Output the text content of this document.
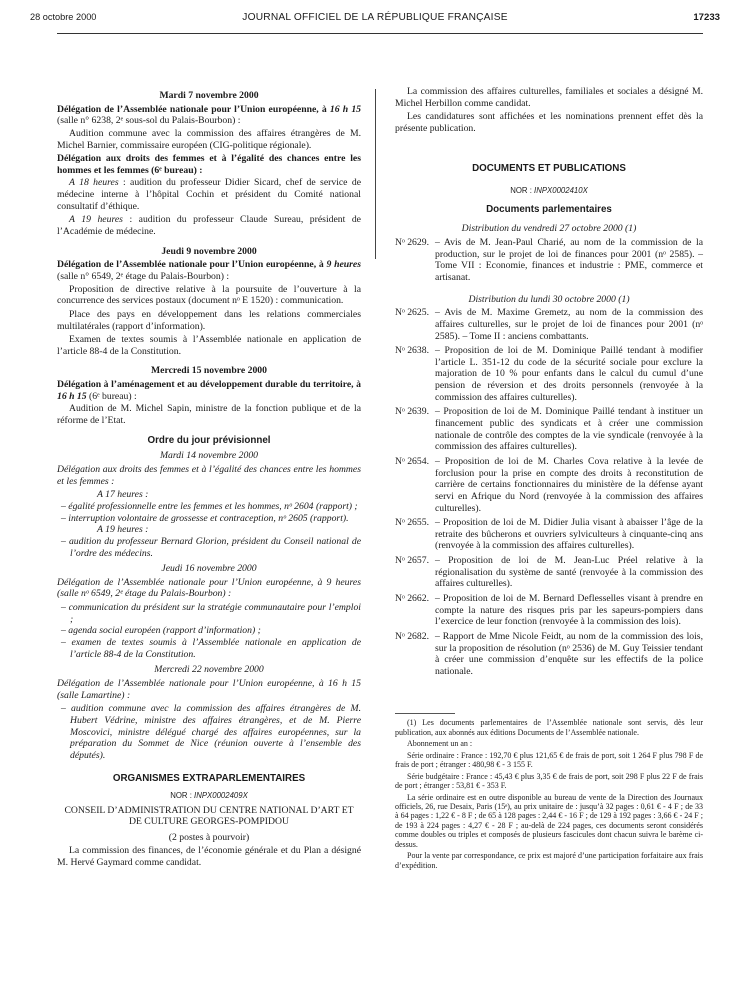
28 octobre 2000	JOURNAL OFFICIEL DE LA RÉPUBLIQUE FRANÇAISE	17233

Mardi 7 novembre 2000

Délégation de l’Assemblée nationale pour l’Union européenne, à 16 h 15 (salle n° 6238, 2ᵉ sous-sol du Palais-Bourbon) :

Audition commune avec la commission des affaires étrangères de M. Michel Barnier, commissaire européen (CIG-politique régionale).

Délégation aux droits des femmes et à l’égalité des chances entre les hommes et les femmes (6ᵉ bureau) :

A 18 heures : audition du professeur Didier Sicard, chef de service de médecine interne à l’hôpital Cochin et président du Comité national consultatif d’éthique.

A 19 heures : audition du professeur Claude Sureau, président de l’Académie de médecine.

Jeudi 9 novembre 2000

Délégation de l’Assemblée nationale pour l’Union européenne, à 9 heures (salle n° 6549, 2ᵉ étage du Palais-Bourbon) :

Proposition de directive relative à la poursuite de l’ouverture à la concurrence des services postaux (document nᵒ E 1520) : communication.

Place des pays en développement dans les relations commerciales multilatérales (rapport d’information).

Examen de textes soumis à l’Assemblée nationale en application de l’article 88-4 de la Constitution.

Mercredi 15 novembre 2000

Délégation à l’aménagement et au développement durable du territoire, à 16 h 15 (6ᵉ bureau) :

Audition de M. Michel Sapin, ministre de la fonction publique et de la réforme de l’Etat.

Ordre du jour prévisionnel

Mardi 14 novembre 2000

Délégation aux droits des femmes et à l’égalité des chances entre les hommes et les femmes :

A 17 heures :

– égalité professionnelle entre les femmes et les hommes, nᵒ 2604 (rapport) ;

– interruption volontaire de grossesse et contraception, nᵒ 2605 (rapport).

A 19 heures :

– audition du professeur Bernard Glorion, président du Conseil national de l’ordre des médecins.

Jeudi 16 novembre 2000

Délégation de l’Assemblée nationale pour l’Union européenne, à 9 heures (salle nᵒ 6549, 2ᵉ étage du Palais-Bourbon) :

– communication du président sur la stratégie communautaire pour l’emploi ;

– agenda social européen (rapport d’information) ;

– examen de textes soumis à l’Assemblée nationale en application de l’article 88-4 de la Constitution.

Mercredi 22 novembre 2000

Délégation de l’Assemblée nationale pour l’Union européenne, à 16 h 15 (salle Lamartine) :

– audition commune avec la commission des affaires étrangères de M. Hubert Védrine, ministre des affaires étrangères, et de M. Pierre Moscovici, ministre délégué chargé des affaires européennes, sur la préparation du Sommet de Nice (réunion ouverte à l’ensemble des députés).

ORGANISMES EXTRAPARLEMENTAIRES

NOR : INPX0002409X

CONSEIL D’ADMINISTRATION DU CENTRE NATIONAL D’ART ET DE CULTURE GEORGES-POMPIDOU

(2 postes à pourvoir)

La commission des finances, de l’économie générale et du Plan a désigné M. Hervé Gaymard comme candidat.

La commission des affaires culturelles, familiales et sociales a désigné M. Michel Herbillon comme candidat.

Les candidatures sont affichées et les nominations prennent effet dès la présente publication.

DOCUMENTS ET PUBLICATIONS

NOR : INPX0002410X

Documents parlementaires

Distribution du vendredi 27 octobre 2000 (1)

Nᵒ 2629. – Avis de M. Jean-Paul Charié, au nom de la commission de la production, sur le projet de loi de finances pour 2001 (nᵒ 2585). – Tome VII : Economie, finances et industrie : PME, commerce et artisanat.

Distribution du lundi 30 octobre 2000 (1)

Nᵒ 2625. – Avis de M. Maxime Gremetz, au nom de la commission des affaires culturelles, sur le projet de loi de finances pour 2001 (nᵒ 2585). – Tome II : anciens combattants.
Nᵒ 2638. – Proposition de loi de M. Dominique Paillé tendant à modifier l’article L. 351-12 du code de la sécurité sociale pour exclure la majoration de 10 % pour enfants dans le calcul du cumul d’une pension de réversion et des droits personnels (renvoyée à la commission des affaires culturelles).
Nᵒ 2639. – Proposition de loi de M. Dominique Paillé tendant à instituer un financement public des syndicats et à créer une commission nationale de contrôle des comptes de la vie syndicale (renvoyée à la commission des affaires culturelles).
Nᵒ 2654. – Proposition de loi de M. Charles Cova relative à la levée de forclusion pour la prise en compte des droits à reconstitution de carrière de certains fonctionnaires du ministère de la défense ayant servi en Afrique du Nord (renvoyée à la commission des affaires culturelles).
Nᵒ 2655. – Proposition de loi de M. Didier Julia visant à abaisser l’âge de la retraite des bûcherons et ouvriers sylviculteurs à cinquante-cinq ans (renvoyée à la commission des affaires culturelles).
Nᵒ 2657. – Proposition de loi de M. Jean-Luc Préel relative à la régionalisation du système de santé (renvoyée à la commission des affaires culturelles).
Nᵒ 2662. – Proposition de loi de M. Bernard Deflesselles visant à prendre en compte la nature des risques pris par les sapeurs-pompiers dans l’exercice de leur fonction (renvoyée à la commission des lois).
Nᵒ 2682. – Rapport de Mme Nicole Feidt, au nom de la commission des lois, sur la proposition de résolution (nᵒ 2536) de M. Guy Teissier tendant à créer une commission d’enquête sur les effectifs de la police nationale.

(1) Les documents parlementaires de l’Assemblée nationale sont servis, dès leur publication, aux abonnés aux éditions Documents de l’Assemblée nationale.

Abonnement un an :

Série ordinaire : France : 192,70 € plus 121,65 € de frais de port, soit 1 264 F plus 798 F de frais de port ; étranger : 480,98 € - 3 155 F.

Série budgétaire : France : 45,43 € plus 3,35 € de frais de port, soit 298 F plus 22 F de frais de port ; étranger : 53,81 € - 353 F.

La série ordinaire est en outre disponible au bureau de vente de la Direction des Journaux officiels, 26, rue Desaix, Paris (15ᵉ), au prix unitaire de : jusqu’à 32 pages : 0,61 € - 4 F ; de 33 à 64 pages : 1,22 € - 8 F ; de 65 à 128 pages : 2,44 € - 16 F ; de 129 à 192 pages : 3,66 € - 24 F ; de 193 à 224 pages : 4,27 € - 28 F ; au-delà de 224 pages, ces documents seront considérés comme doubles ou triples et composés de plusieurs fascicules dont chacun suivra le barème ci-dessus.

Pour la vente par correspondance, ce prix est majoré d’une participation forfaitaire aux frais d’expédition.
